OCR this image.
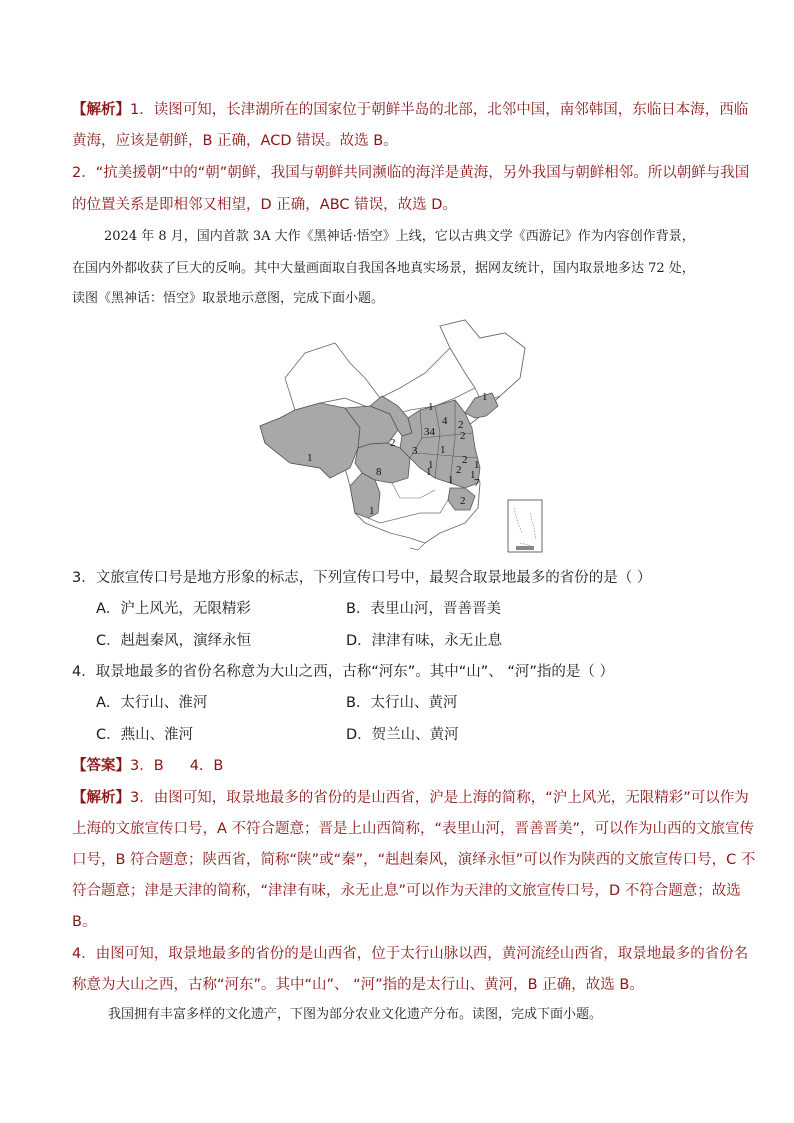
【解析】1．读图可知，长津湖所在的国家位于朝鲜半岛的北部，北邻中国，南邻韩国，东临日本海，西临
黄海，应该是朝鲜，B 正确，ACD 错误。故选 B。
2．“抗美援朝”中的“朝”朝鲜，我国与朝鲜共同濒临的海洋是黄海，另外我国与朝鲜相邻。所以朝鲜与我国
的位置关系是即相邻又相望，D 正确，ABC 错误，故选 D。
2024 年 8 月，国内首款 3A 大作《黑神话·悟空》上线，它以古典文学《西游记》作为内容创作背景，
在国内外都收获了巨大的反响。其中大量画面取自我国各地真实场景，据网友统计，国内取景地多达 72 处，
读图《黑神话：悟空》取景地示意图，完成下面小题。
1
1
4 2
34 2
2
1
2
3
1
2 1
1
8
1
7
2
1
1
1
3．文旅宣传口号是地方形象的标志，下列宣传口号中，最契合取景地最多的省份的是（ ）
A．沪上风光，无限精彩	B．表里山河，晋善晋美
C．赳赳秦风，演绎永恒	D．津津有味，永无止息
4．取景地最多的省份名称意为大山之西，古称“河东”。其中“山”、 “河”指的是（ ）
A．太行山、淮河	B．太行山、黄河
C．燕山、淮河	D．贺兰山、黄河
【答案】3．B 4．B
【解析】3．由图可知，取景地最多的省份的是山西省，沪是上海的简称，“沪上风光，无限精彩”可以作为
上海的文旅宣传口号，A 不符合题意；晋是上山西简称，“表里山河，晋善晋美”，可以作为山西的文旅宣传
口号，B 符合题意；陕西省，简称“陕”或“秦”，“赳赳秦风，演绎永恒”可以作为陕西的文旅宣传口号，C 不
符合题意；津是天津的简称，“津津有味，永无止息”可以作为天津的文旅宣传口号，D 不符合题意；故选
B。
4．由图可知，取景地最多的省份的是山西省，位于太行山脉以西，黄河流经山西省，取景地最多的省份名
称意为大山之西，古称“河东”。其中“山”、 “河”指的是太行山、黄河，B 正确，故选 B。
我国拥有丰富多样的文化遗产，下图为部分农业文化遗产分布。读图，完成下面小题。
